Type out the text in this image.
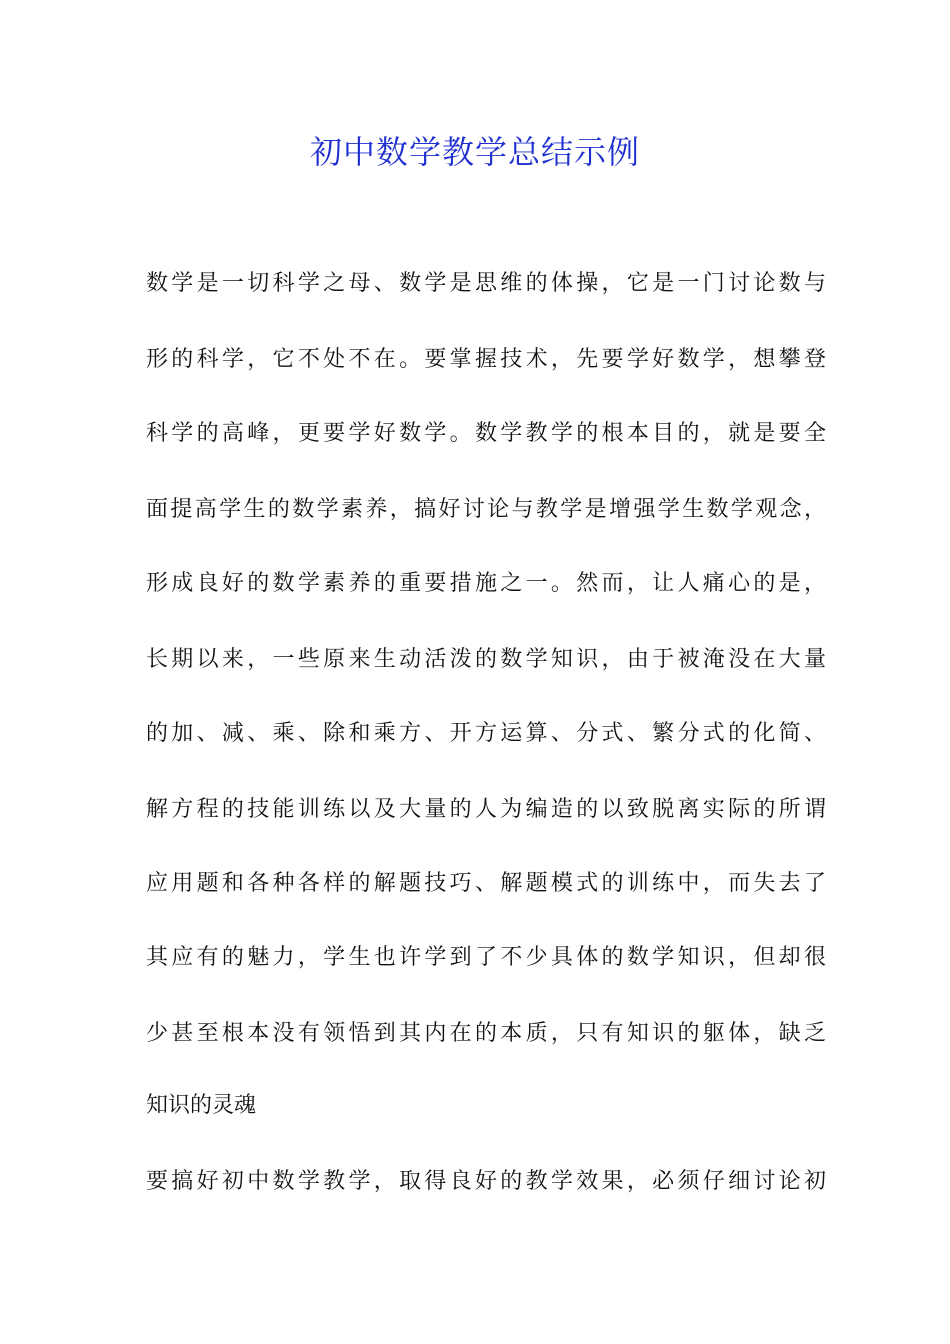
初中数学教学总结示例
数学是一切科学之母、数学是思维的体操，它是一门讨论数与
形的科学，它不处不在。要掌握技术，先要学好数学，想攀登
科学的高峰，更要学好数学。数学教学的根本目的，就是要全
面提高学生的数学素养，搞好讨论与教学是增强学生数学观念，
形成良好的数学素养的重要措施之一。然而，让人痛心的是，
长期以来，一些原来生动活泼的数学知识，由于被淹没在大量
的加、减、乘、除和乘方、开方运算、分式、繁分式的化简、
解方程的技能训练以及大量的人为编造的以致脱离实际的所谓
应用题和各种各样的解题技巧、解题模式的训练中，而失去了
其应有的魅力，学生也许学到了不少具体的数学知识，但却很
少甚至根本没有领悟到其内在的本质，只有知识的躯体，缺乏
知识的灵魂
要搞好初中数学教学，取得良好的教学效果，必须仔细讨论初
